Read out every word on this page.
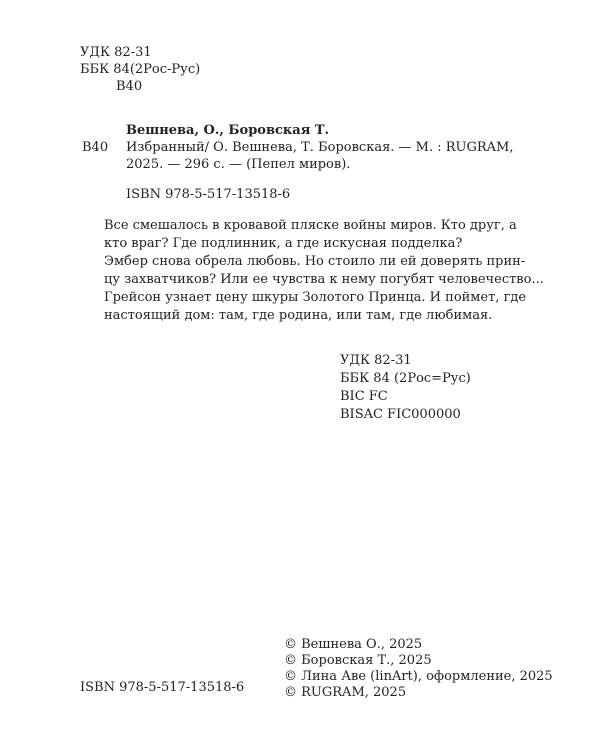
УДК 82-31
ББК 84(2Рос-Рус)
В40
Вешнева, О., Боровская Т.
В40 Избранный/ О. Вешнева, Т. Боровская. — М. : RUGRAM,
2025. — 296 с. — (Пепел миров).
ISBN 978-5-517-13518-6
Все смешалось в кровавой пляске войны миров. Кто друг, а
кто враг? Где подлинник, а где искусная подделка?
Эмбер снова обрела любовь. Но стоило ли ей доверять прин-
цу захватчиков? Или ее чувства к нему погубят человечество...
Грейсон узнает цену шкуры Золотого Принца. И поймет, где
настоящий дом: там, где родина, или там, где любимая.
УДК 82-31
ББК 84 (2Рос=Рус)
BIC FC
BISAC FIC000000
ISBN 978-5-517-13518-6
© Вешнева О., 2025
© Боровская Т., 2025
© Лина Аве (linArt), оформление, 2025
© RUGRAM, 2025
